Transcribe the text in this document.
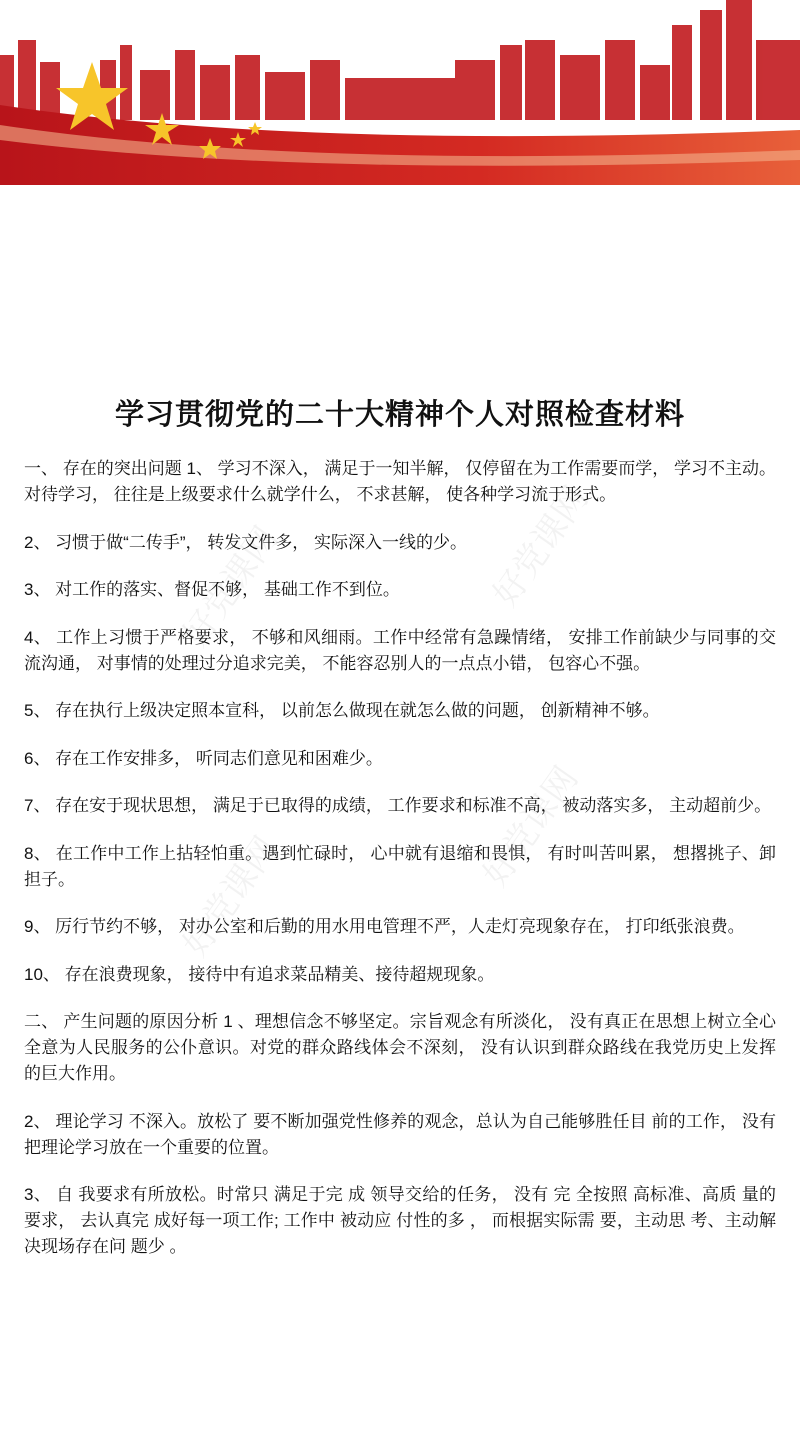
好党课网	好党课网
好党课网
好党课网
学习贯彻党的二十大精神个人对照检查材料

一、 存在的突出问题 1、 学习不深入， 满足于一知半解， 仅停留在为工作需要而学， 学习不主动。对待学习， 往往是上级要求什么就学什么， 不求甚解， 使各种学习流于形式。

2、 习惯于做“二传手”， 转发文件多， 实际深入一线的少。

3、 对工作的落实、督促不够， 基础工作不到位。

4、 工作上习惯于严格要求， 不够和风细雨。工作中经常有急躁情绪， 安排工作前缺少与同事的交流沟通， 对事情的处理过分追求完美， 不能容忍别人的一点点小错， 包容心不强。

5、 存在执行上级决定照本宣科， 以前怎么做现在就怎么做的问题， 创新精神不够。

6、 存在工作安排多， 听同志们意见和困难少。

7、 存在安于现状思想， 满足于已取得的成绩， 工作要求和标准不高， 被动落实多， 主动超前少。

8、 在工作中工作上拈轻怕重。遇到忙碌时， 心中就有退缩和畏惧， 有时叫苦叫累， 想撂挑子、卸担子。

9、 厉行节约不够， 对办公室和后勤的用水用电管理不严，人走灯亮现象存在， 打印纸张浪费。

10、 存在浪费现象， 接待中有追求菜品精美、接待超规现象。

二、 产生问题的原因分析 1 、理想信念不够坚定。宗旨观念有所淡化， 没有真正在思想上树立全心全意为人民服务的公仆意识。对党的群众路线体会不深刻， 没有认识到群众路线在我党历史上发挥的巨大作用。

2、 理论学习 不深入。放松了 要不断加强党性修养的观念，总认为自己能够胜任目 前的工作， 没有把理论学习放在一个重要的位置。

3、 自 我要求有所放松。时常只 满足于完 成 领导交给的任务， 没有 完 全按照 高标准、高质 量的 要求， 去认真完 成好每一项工作; 工作中 被动应 付性的多 ， 而根据实际需 要，主动思 考、主动解决现场存在问 题少 。
